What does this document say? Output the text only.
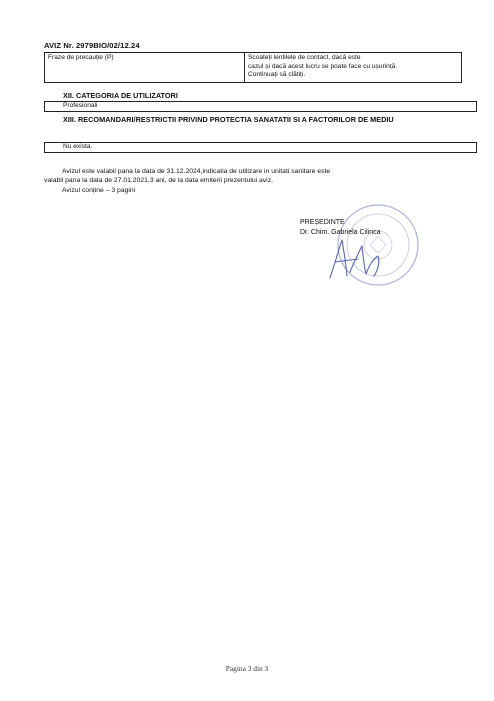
AVIZ Nr. 2979BIO/02/12.24
Fraze de precauție (P)	Scoateți lentilele de contact, dacă este
cazul și dacă acest lucru se poate face cu ușurință.
Continuați să clătiți.
XII. CATEGORIA DE UTILIZATORI
Profesionali
XIII. RECOMANDARI/RESTRICTII PRIVIND PROTECTIA SANATATII SI A FACTORILOR DE MEDIU
Nu exista.

Avizul este valabil pana la data de 31.12.2024,indicatia de utilizare in unitati sanitare este

valabil pana la data de 27.01.2021,3 ani, de la data emiterii prezentului aviz.

Avizul conține – 3 pagini

PREȘEDINTE
Dr. Chim. Gabriela Cilinca
Pagina 3 din 3
